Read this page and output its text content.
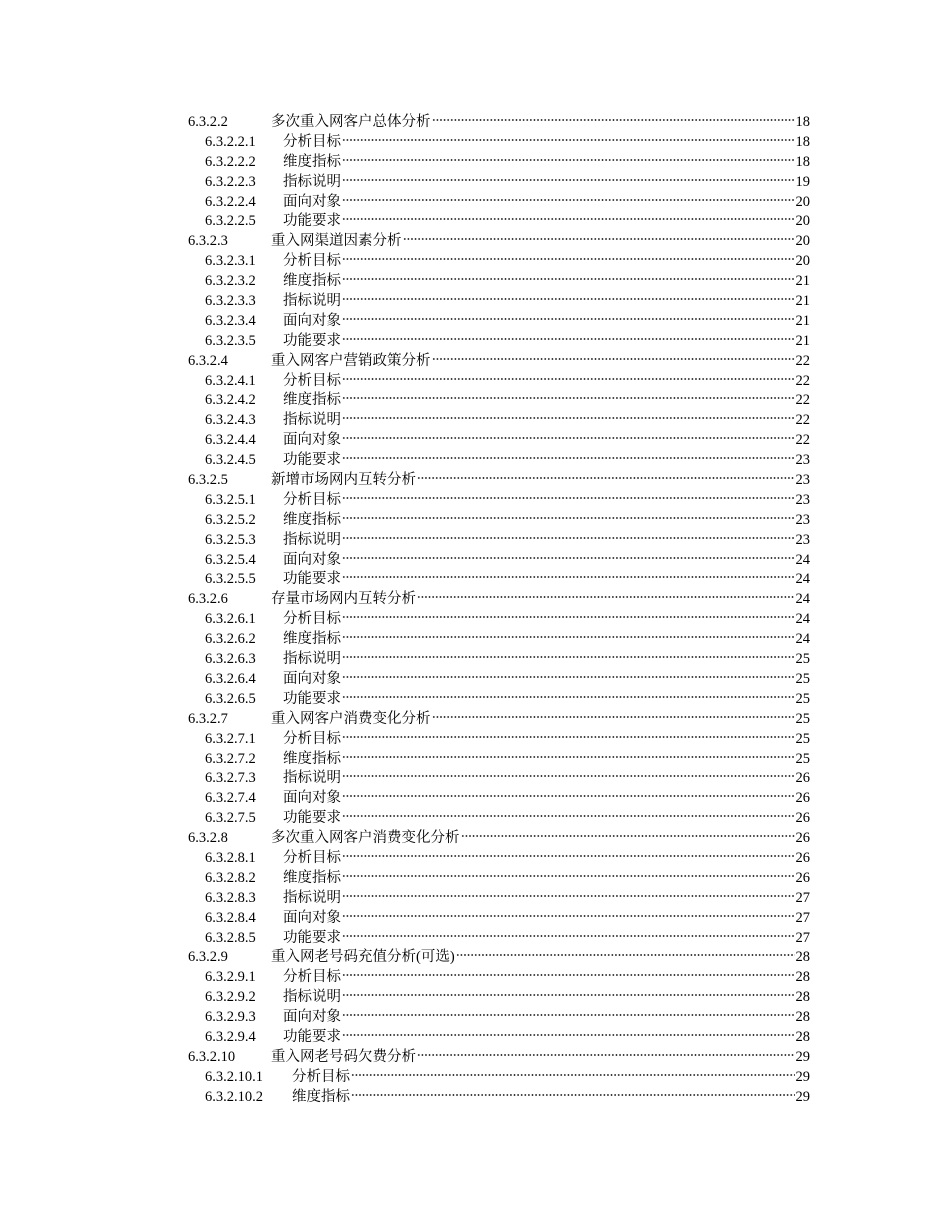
6.3.2.2	多次重入网客户总体分析	18
6.3.2.2.1	分析目标	18
6.3.2.2.2	维度指标	18
6.3.2.2.3	指标说明	19
6.3.2.2.4	面向对象	20
6.3.2.2.5	功能要求	20
6.3.2.3	重入网渠道因素分析	20
6.3.2.3.1	分析目标	20
6.3.2.3.2	维度指标	21
6.3.2.3.3	指标说明	21
6.3.2.3.4	面向对象	21
6.3.2.3.5	功能要求	21
6.3.2.4	重入网客户营销政策分析	22
6.3.2.4.1	分析目标	22
6.3.2.4.2	维度指标	22
6.3.2.4.3	指标说明	22
6.3.2.4.4	面向对象	22
6.3.2.4.5	功能要求	23
6.3.2.5	新增市场网内互转分析	23
6.3.2.5.1	分析目标	23
6.3.2.5.2	维度指标	23
6.3.2.5.3	指标说明	23
6.3.2.5.4	面向对象	24
6.3.2.5.5	功能要求	24
6.3.2.6	存量市场网内互转分析	24
6.3.2.6.1	分析目标	24
6.3.2.6.2	维度指标	24
6.3.2.6.3	指标说明	25
6.3.2.6.4	面向对象	25
6.3.2.6.5	功能要求	25
6.3.2.7	重入网客户消费变化分析	25
6.3.2.7.1	分析目标	25
6.3.2.7.2	维度指标	25
6.3.2.7.3	指标说明	26
6.3.2.7.4	面向对象	26
6.3.2.7.5	功能要求	26
6.3.2.8	多次重入网客户消费变化分析	26
6.3.2.8.1	分析目标	26
6.3.2.8.2	维度指标	26
6.3.2.8.3	指标说明	27
6.3.2.8.4	面向对象	27
6.3.2.8.5	功能要求	27
6.3.2.9	重入网老号码充值分析(可选)	28
6.3.2.9.1	分析目标	28
6.3.2.9.2	指标说明	28
6.3.2.9.3	面向对象	28
6.3.2.9.4	功能要求	28
6.3.2.10	重入网老号码欠费分析	29
6.3.2.10.1	分析目标	29
6.3.2.10.2	维度指标	29
